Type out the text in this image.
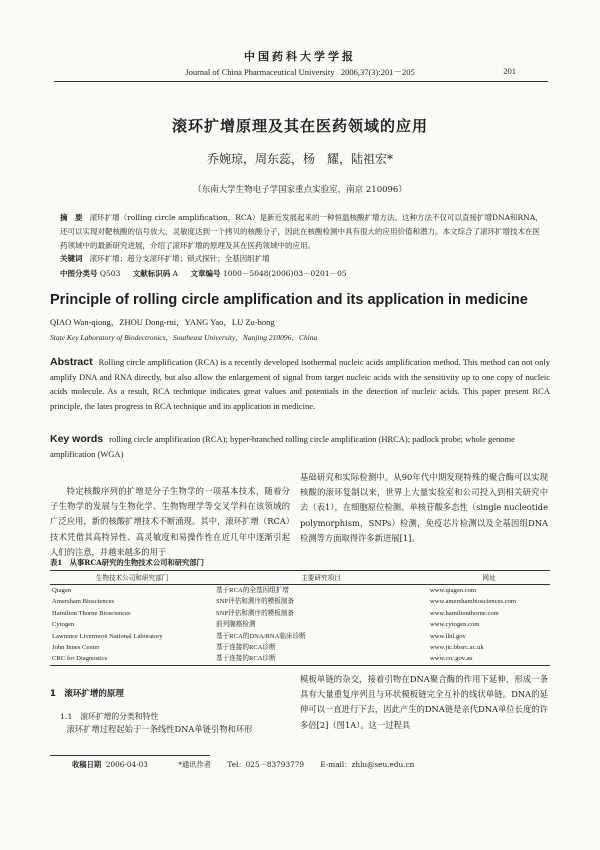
中国药科大学学报
Journal of China Pharmaceutical University 2006,37(3):201－205	201
滚环扩增原理及其在医药领域的应用
乔婉琼，周东蕊，杨　耀，陆祖宏*
（东南大学生物电子学国家重点实验室，南京 210096）
摘　要 滚环扩增（rolling circle amplification，RCA）是新近发展起来的一种恒温核酸扩增方法。这种方法不仅可以直接扩增DNA和RNA，还可以实现对靶核酸的信号放大，灵敏度达到一个拷贝的核酸分子，因此在核酸检测中具有很大的应用价值和潜力。本文综合了滚环扩增技术在医药领域中的最新研究进展，介绍了滚环扩增的原理及其在医药领域中的应用。
关键词 滚环扩增；超分支滚环扩增；锁式探针；全基因组扩增
中图分类号 Q503 文献标识码 A 文章编号 1000－5048(2006)03－0201－05
Principle of rolling circle amplification and its application in medicine
QIAO Wan-qiong，ZHOU Dong-rui，YANG Yao，LU Zu-hong
State Key Laboratory of Biodectronics，Southeast University，Nanjing 210096，China
Abstract Rolling circle amplification (RCA) is a recently developed isothermal nucleic acids amplification method. This method can not only amplify DNA and RNA directly, but also allow the enlargement of signal from target nucleic acids with the sensitivity up to one copy of nucleic acids molecule. As a result, RCA technique indicates great values and potentials in the detection of nucleic acids. This paper present RCA principle, the lates progress in RCA technique and its application in medicine.
Key words rolling circle amplification (RCA); hyper-branched rolling circle amplification (HRCA); padlock probe; whole genome amplification (WGA)
特定核酸序列的扩增是分子生物学的一项基本技术，随着分子生物学的发展与生物化学、生物物理学等交叉学科在该领域的广泛应用，新的核酸扩增技术不断涌现。其中，滚环扩增（RCA）技术凭借其高特异性、高灵敏度和易操作性在近几年中逐渐引起人们的注意，并越来越多的用于
基础研究和实际检测中。从90年代中期发现特殊的聚合酶可以实现核酸的滚环复制以来，世界上大量实验室和公司投入到相关研究中去（表1），在细胞原位检测、单核苷酸多态性（single nucleotide polymorphism，SNPs）检测，免疫芯片检测以及全基因组DNA检测等方面取得许多新进展[1]。
表1　从事RCA研究的生物技术公司和研究部门
生物技术公司和研究部门	主要研究项目	网址
Qiagen	基于RCA的全基因组扩增	www.qiagen.com
Amersham Biosciences	SNP评估和测序的模板制备	www.amershambiosciences.com
Hamilton Thorne Biosciences	SNP评估和测序的模板制备	www.hamiltonthorne.com
Cytogen	前列腺癌检测	www.cytogen.com
Lawrence Livermore National Laboratory	基于RCA的DNA/RNA临床诊断	www.llnl.gov
John Innes Center	基于连接的RCA诊断	www.jic.bbsrc.ac.uk
CRC for Diagnostics	基于连接的RCA诊断	www.crc.gov.au
1　滚环扩增的原理
1.1　滚环扩增的分类和特性
滚环扩增过程起始于一条线性DNA单链引物和环形
模板单链的杂交，接着引物在DNA聚合酶的作用下延伸，形成一条具有大量重复序列且与环状模板链完全互补的线状单链。DNA的延伸可以一直进行下去，因此产生的DNA链是亲代DNA单位长度的许多倍[2]（图1A）。这一过程具
收稿日期 2006-04-03	*通讯作者 Tel：025－83793779 E-mail：zhlu@seu.edu.cn
